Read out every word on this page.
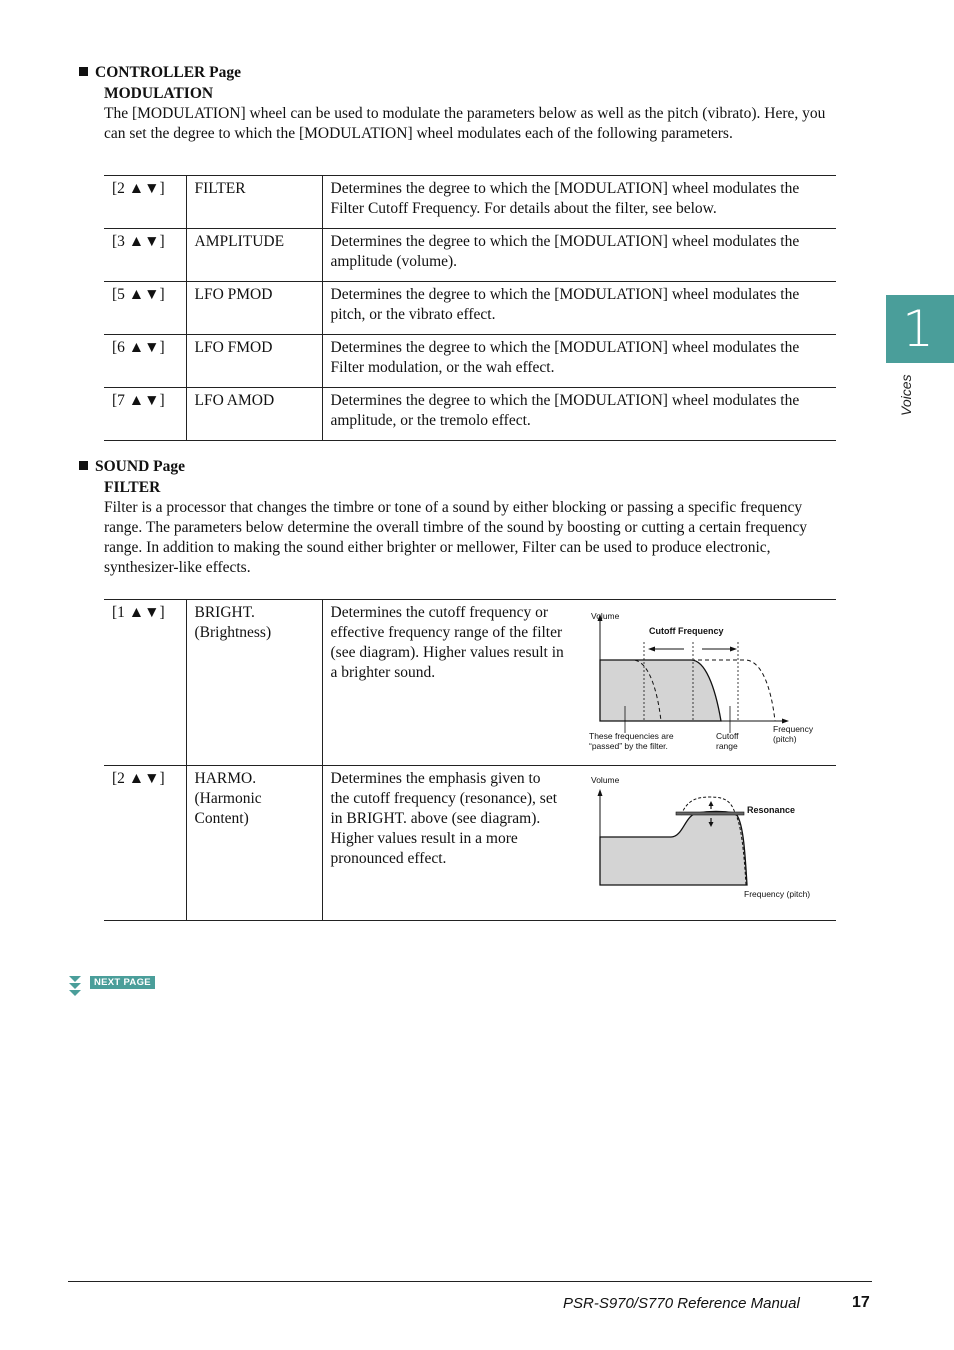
CONTROLLER Page
MODULATION
The [MODULATION] wheel can be used to modulate the parameters below as well as the pitch (vibrato). Here, you can set the degree to which the [MODULATION] wheel modulates each of the following parameters.
[2 ▲▼]	FILTER	Determines the degree to which the [MODULATION] wheel modulates the Filter Cutoff Frequency. For details about the filter, see below.
[3 ▲▼]	AMPLITUDE	Determines the degree to which the [MODULATION] wheel modulates the amplitude (volume).
[5 ▲▼]	LFO PMOD	Determines the degree to which the [MODULATION] wheel modulates the pitch, or the vibrato effect.
[6 ▲▼]	LFO FMOD	Determines the degree to which the [MODULATION] wheel modulates the Filter modulation, or the wah effect.
[7 ▲▼]	LFO AMOD	Determines the degree to which the [MODULATION] wheel modulates the amplitude, or the tremolo effect.
SOUND Page
FILTER
Filter is a processor that changes the timbre or tone of a sound by either blocking or passing a specific frequency range. The parameters below determine the overall timbre of the sound by boosting or cutting a certain frequency range. In addition to making the sound either brighter or mellower, Filter can be used to produce electronic, synthesizer-like effects.
[1 ▲▼]	BRIGHT. (Brightness)	Determines the cutoff frequency or effective frequency range of the filter (see diagram). Higher values result in a brighter sound.

[2 ▲▼]	HARMO. (Harmonic Content)	Determines the emphasis given to the cutoff frequency (resonance), set in BRIGHT. above (see diagram). Higher values result in a more pronounced effect.
Volume
Cutoff Frequency
Frequency
(pitch)
These frequencies are
“passed” by the filter.
Cutoff
range
Volume
Resonance
Frequency (pitch)
NEXT PAGE
1
Voices
PSR-S970/S770 Reference Manual	17
